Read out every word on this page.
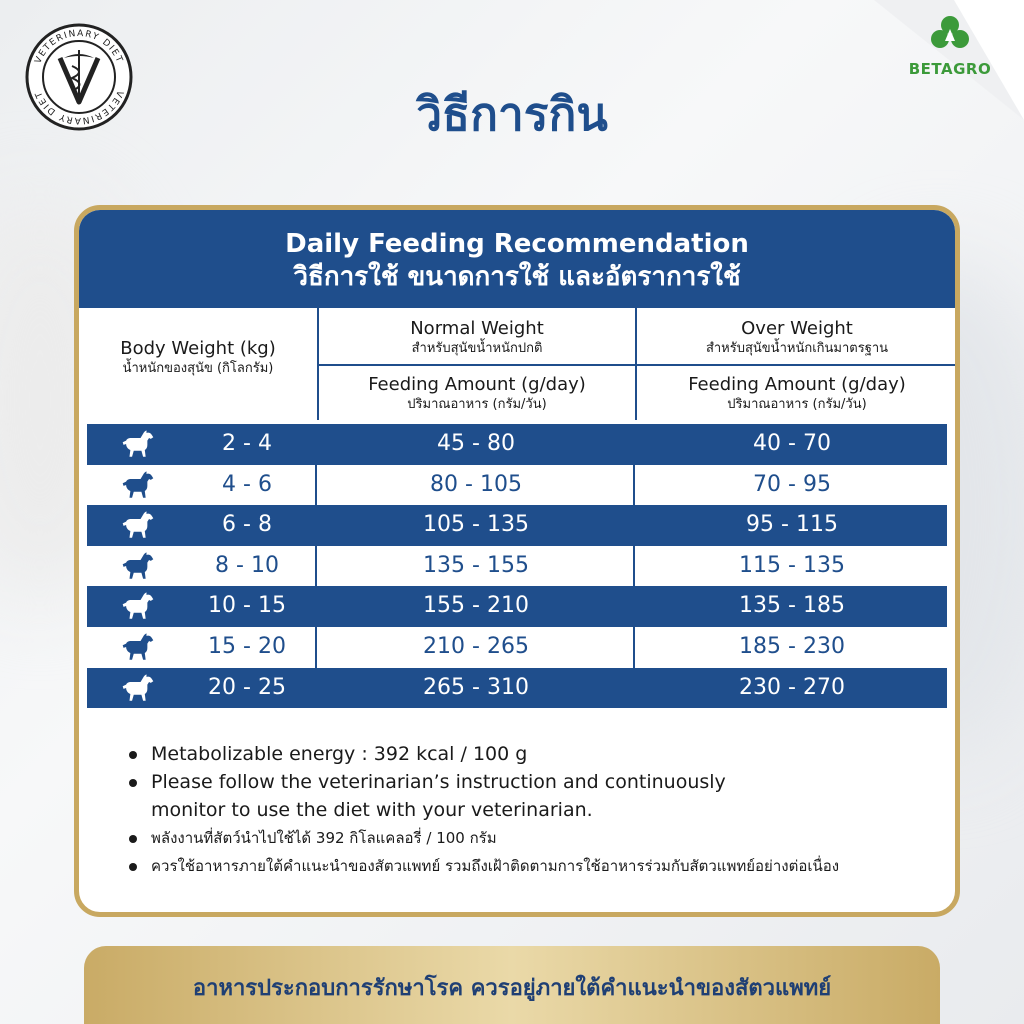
VETERINARY DIET
VETERINARY DIET
BETAGRO
วิธีการกิน
Daily Feeding Recommendation
วิธีการใช้ ขนาดการใช้ และอัตราการใช้
Body Weight (kg)
น้ำหนักของสุนัข (กิโลกรัม)
Normal Weight
สำหรับสุนัขน้ำหนักปกติ
Over Weight
สำหรับสุนัขน้ำหนักเกินมาตรฐาน
Feeding Amount (g/day)
ปริมาณอาหาร (กรัม/วัน)
Feeding Amount (g/day)
ปริมาณอาหาร (กรัม/วัน)
2 - 4	45 - 80	40 - 70
4 - 6	80 - 105	70 - 95
6 - 8	105 - 135	95 - 115
8 - 10	135 - 155	115 - 135
10 - 15	155 - 210	135 - 185
15 - 20	210 - 265	185 - 230
20 - 25	265 - 310	230 - 270
Metabolizable energy : 392 kcal / 100 g
Please follow the veterinarian’s instruction and continuously
monitor to use the diet with your veterinarian.
พลังงานที่สัตว์นำไปใช้ได้ 392 กิโลแคลอรี่ / 100 กรัม
ควรใช้อาหารภายใต้คำแนะนำของสัตวแพทย์ รวมถึงเฝ้าติดตามการใช้อาหารร่วมกับสัตวแพทย์อย่างต่อเนื่อง
อาหารประกอบการรักษาโรค ควรอยู่ภายใต้คำแนะนำของสัตวแพทย์
